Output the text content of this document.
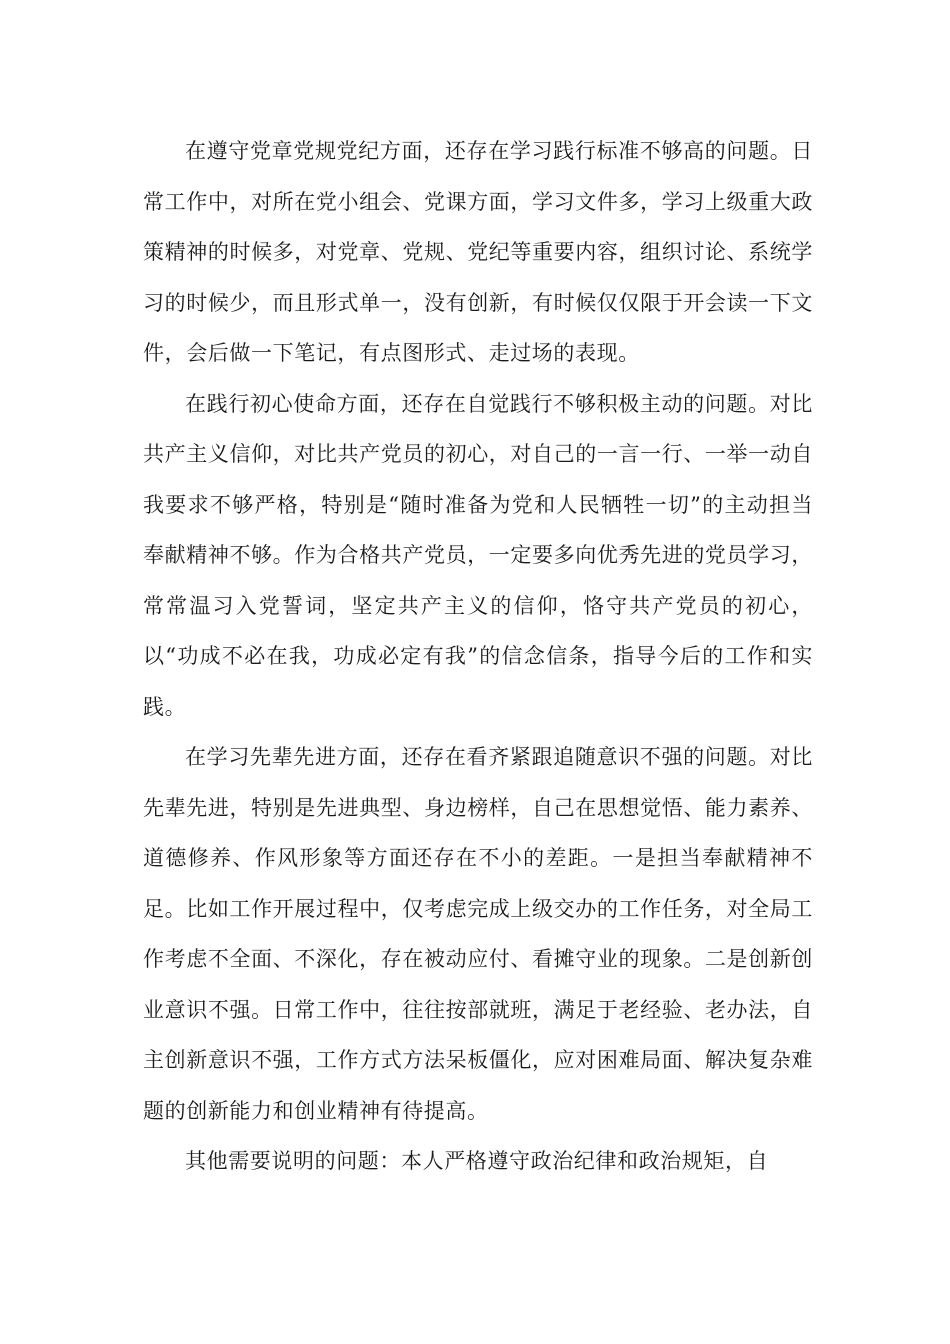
在遵守党章党规党纪方面，还存在学习践行标准不够高的问题。日常工作中，对所在党小组会、党课方面，学习文件多，学习上级重大政策精神的时候多，对党章、党规、党纪等重要内容，组织讨论、系统学习的时候少，而且形式单一，没有创新，有时候仅仅限于开会读一下文件，会后做一下笔记，有点图形式、走过场的表现。

在践行初心使命方面，还存在自觉践行不够积极主动的问题。对比共产主义信仰，对比共产党员的初心，对自己的一言一行、一举一动自我要求不够严格，特别是“随时准备为党和人民牺牲一切”的主动担当奉献精神不够。作为合格共产党员，一定要多向优秀先进的党员学习，常常温习入党誓词，坚定共产主义的信仰，恪守共产党员的初心，以“功成不必在我，功成必定有我”的信念信条，指导今后的工作和实践。

在学习先辈先进方面，还存在看齐紧跟追随意识不强的问题。对比先辈先进，特别是先进典型、身边榜样，自己在思想觉悟、能力素养、道德修养、作风形象等方面还存在不小的差距。一是担当奉献精神不足。比如工作开展过程中，仅考虑完成上级交办的工作任务，对全局工作考虑不全面、不深化，存在被动应付、看摊守业的现象。二是创新创业意识不强。日常工作中，往往按部就班，满足于老经验、老办法，自主创新意识不强，工作方式方法呆板僵化，应对困难局面、解决复杂难题的创新能力和创业精神有待提高。

其他需要说明的问题：本人严格遵守政治纪律和政治规矩，自
